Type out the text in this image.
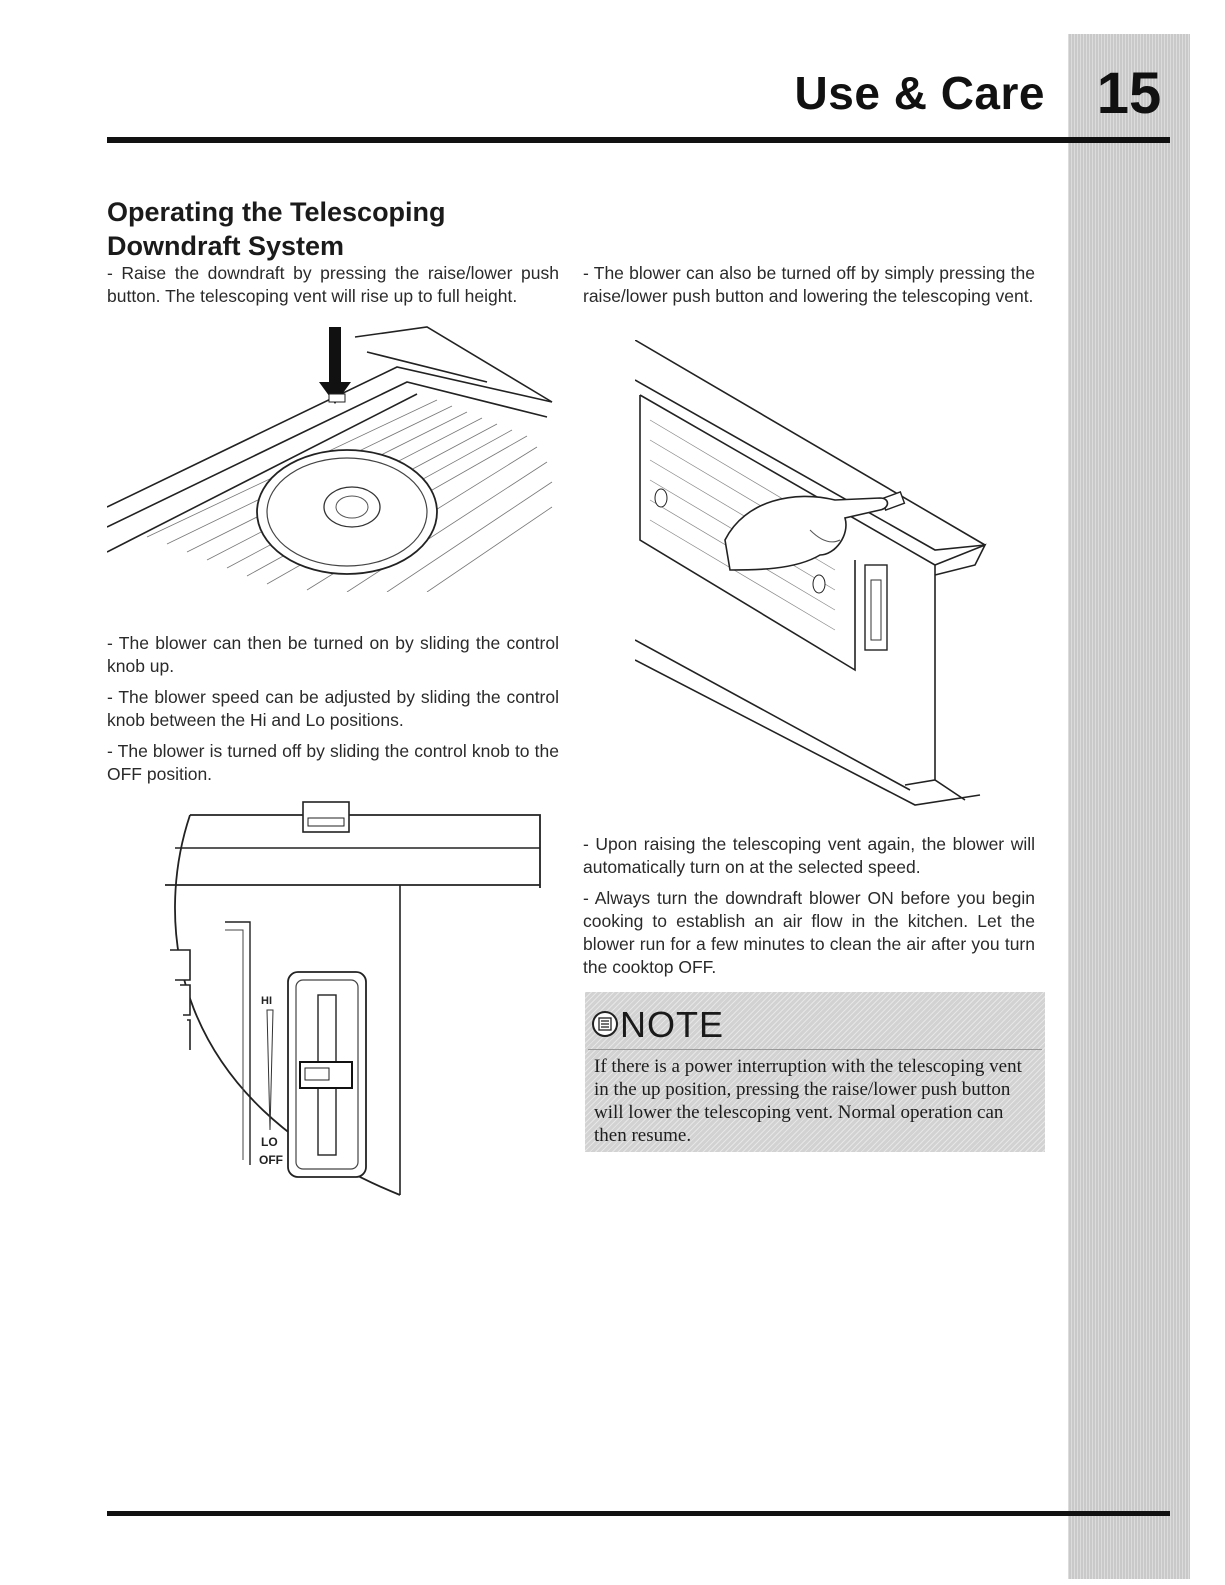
15
Use & Care
Operating the Telescoping
Downdraft System

- Raise the downdraft by pressing the raise/lower push button. The telescoping vent will rise up to full height.

- The blower can also be turned off by simply pressing the raise/lower push button and lowering the telescoping vent.

- The blower can then be turned on by sliding the control knob up.

- The blower speed can be adjusted by sliding the control knob between the Hi and Lo positions.

- The blower is turned off by sliding the control knob to the OFF position.

HI
LO
OFF

- Upon raising the telescoping vent again, the blower will automatically turn on at the selected speed.

- Always turn the downdraft blower ON before you begin cooking to establish an air flow in the kitchen. Let the blower run for a few minutes to clean the air after you turn the cooktop OFF.

NOTE

If there is a power interruption with the telescoping vent in the up position, pressing the raise/lower push button will lower the telescoping vent. Normal operation can then resume.
